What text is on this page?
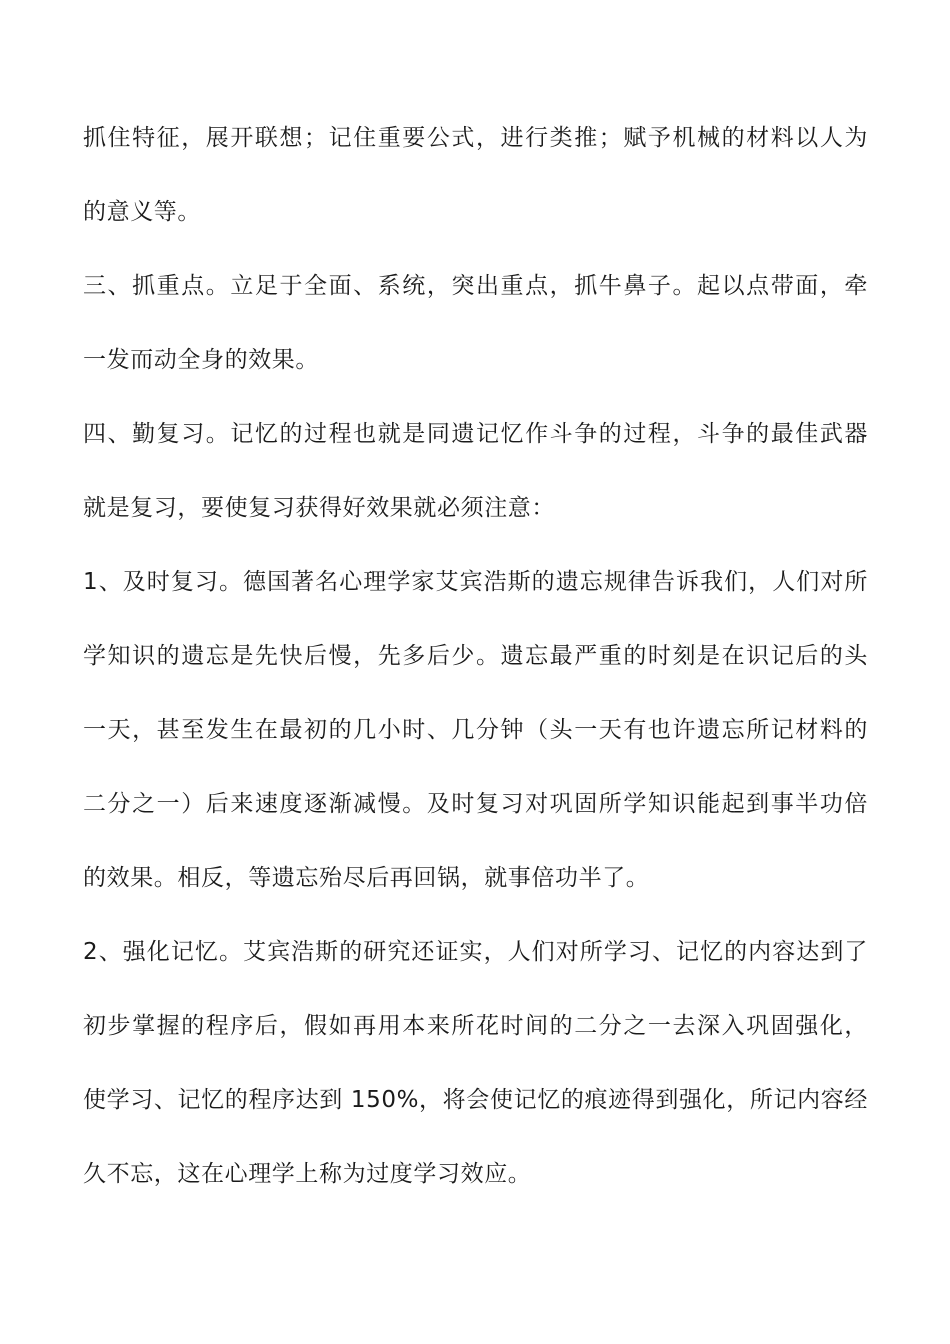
抓住特征，展开联想；记住重要公式，进行类推；赋予机械的材料以人为
的意义等。
三、抓重点。立足于全面、系统，突出重点，抓牛鼻子。起以点带面，牵
一发而动全身的效果。
四、勤复习。记忆的过程也就是同遗记忆作斗争的过程，斗争的最佳武器
就是复习，要使复习获得好效果就必须注意：
1、及时复习。德国著名心理学家艾宾浩斯的遗忘规律告诉我们，人们对所
学知识的遗忘是先快后慢，先多后少。遗忘最严重的时刻是在识记后的头
一天，甚至发生在最初的几小时、几分钟（头一天有也许遗忘所记材料的
二分之一）后来速度逐渐减慢。及时复习对巩固所学知识能起到事半功倍
的效果。相反，等遗忘殆尽后再回锅，就事倍功半了。
2、强化记忆。艾宾浩斯的研究还证实，人们对所学习、记忆的内容达到了
初步掌握的程序后，假如再用本来所花时间的二分之一去深入巩固强化，
使学习、记忆的程序达到 150%，将会使记忆的痕迹得到强化，所记内容经
久不忘，这在心理学上称为过度学习效应。
